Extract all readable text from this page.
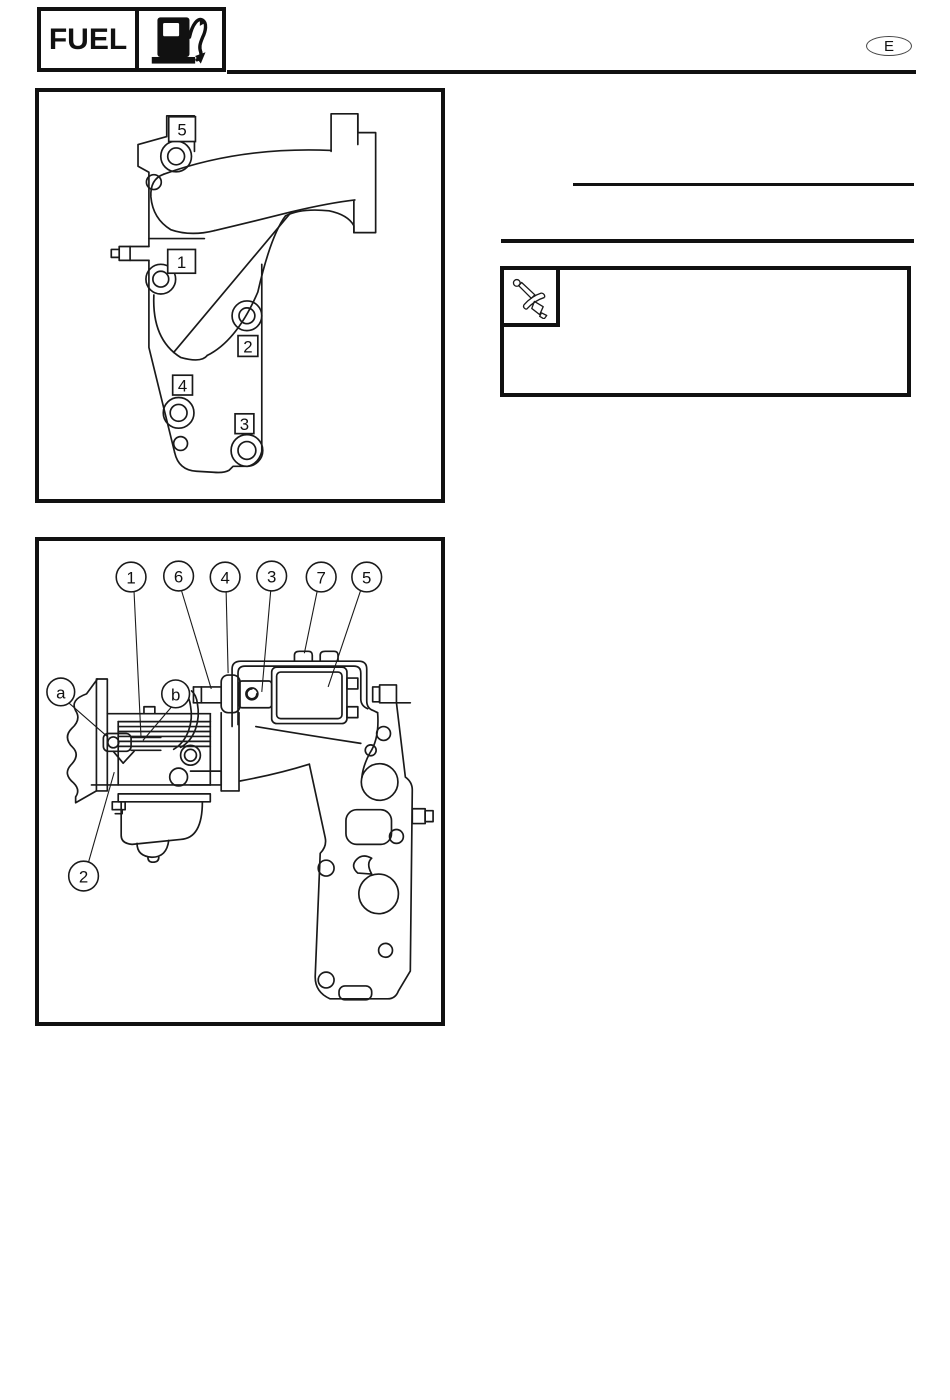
FUEL	E
5
1
2
4
3
1 6 4 3 7 5
a	b
2
